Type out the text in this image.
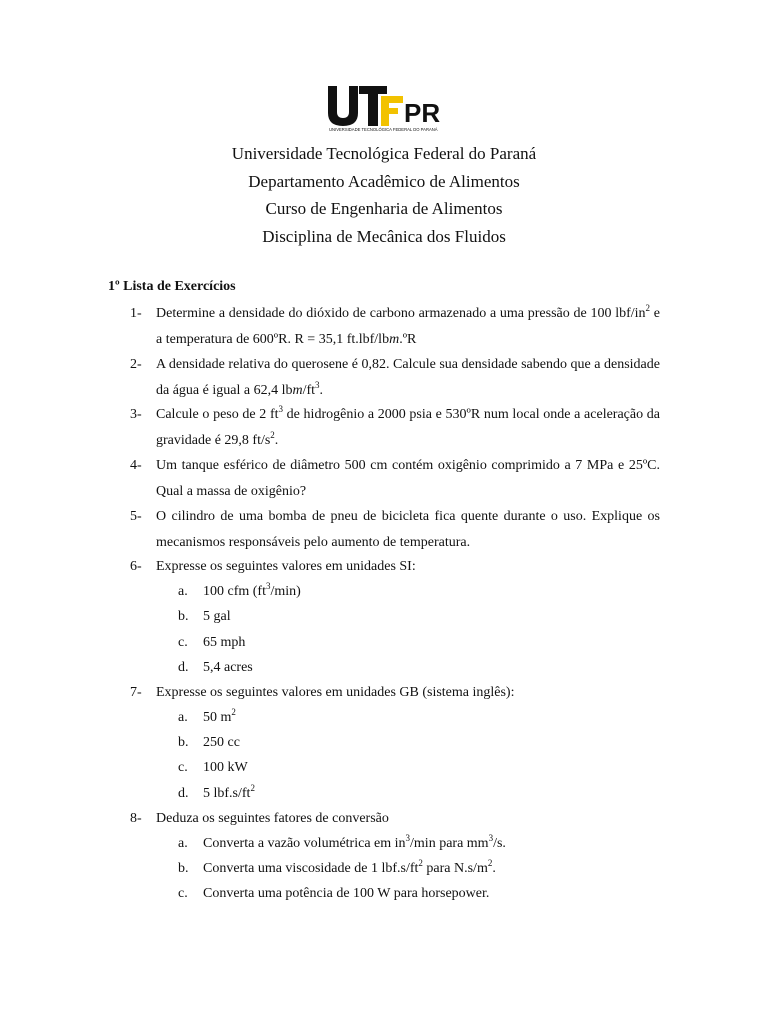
PR
UNIVERSIDADE TECNOLÓGICA FEDERAL DO PARANÁ
Universidade Tecnológica Federal do Paraná
Departamento Acadêmico de Alimentos
Curso de Engenharia de Alimentos
Disciplina de Mecânica dos Fluidos
1º Lista de Exercícios
1- Determine a densidade do dióxido de carbono armazenado a uma pressão de 100 lbf/$in^2$ e a temperatura de 600ºR. R = 35,1 ft.lbf/lbm.ºR
2- A densidade relativa do querosene é 0,82. Calcule sua densidade sabendo que a densidade da água é igual a 62,4 lbm/$ft^3$.
3- Calcule o peso de 2 $ft^3$ de hidrogênio a 2000 psia e 530ºR num local onde a aceleração da gravidade é 29,8 $ft/s^2$.
4- Um tanque esférico de diâmetro 500 cm contém oxigênio comprimido a 7 MPa e 25ºC. Qual a massa de oxigênio?
5- O cilindro de uma bomba de pneu de bicicleta fica quente durante o uso. Explique os mecanismos responsáveis pelo aumento de temperatura.
6- Expresse os seguintes valores em unidades SI:
a. 100 cfm $(ft^3/\min)$
b. 5 gal
c. 65 mph
d. 5,4 acres
7- Expresse os seguintes valores em unidades GB (sistema inglês):
a. 50 $m^2$
b. 250 cc
c. 100 kW
d. 5 $lbf.s/ft^2$
8- Deduza os seguintes fatores de conversão
a. Converta a vazão volumétrica em $in^3/\min$ para $mm^3/s$.
b. Converta uma viscosidade de 1 $lbf.s/ft^2$ para $N.s/m^2$.
c. Converta uma potência de 100 W para horsepower.
